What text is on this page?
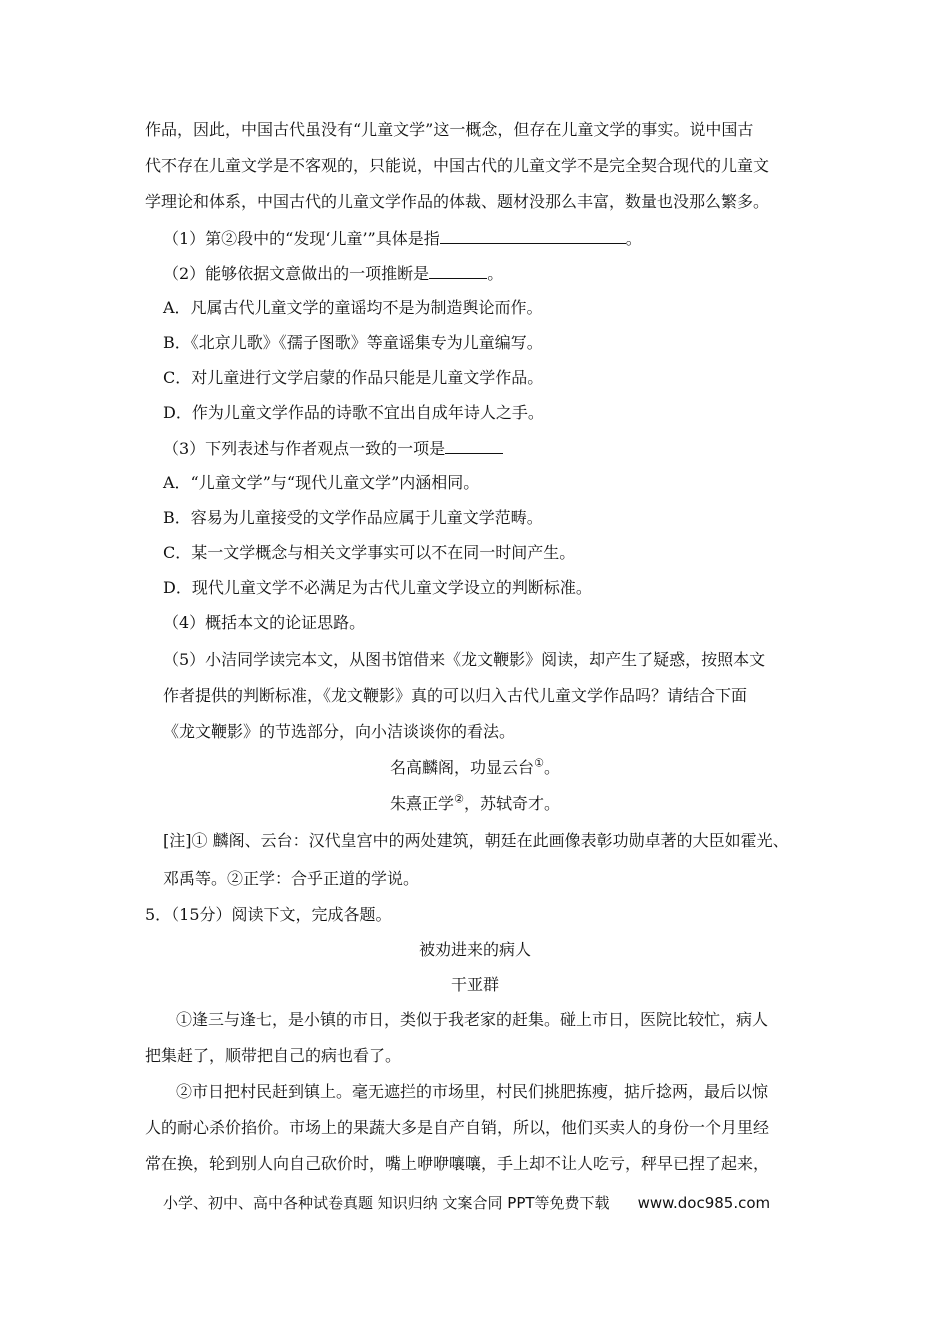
作品，因此，中国古代虽没有“儿童文学”这一概念，但存在儿童文学的事实。说中国古
代不存在儿童文学是不客观的，只能说，中国古代的儿童文学不是完全契合现代的儿童文
学理论和体系，中国古代的儿童文学作品的体裁、题材没那么丰富，数量也没那么繁多。
（1）第②段中的“发现‘儿童’”具体是指	。
（2）能够依据文意做出的一项推断是	。
A．凡属古代儿童文学的童谣均不是为制造舆论而作。
B．《北京儿歌》《孺子图歌》等童谣集专为儿童编写。
C．对儿童进行文学启蒙的作品只能是儿童文学作品。
D．作为儿童文学作品的诗歌不宜出自成年诗人之手。
（3）下列表述与作者观点一致的一项是
A．“儿童文学”与“现代儿童文学”内涵相同。
B．容易为儿童接受的文学作品应属于儿童文学范畴。
C．某一文学概念与相关文学事实可以不在同一时间产生。
D．现代儿童文学不必满足为古代儿童文学设立的判断标准。
（4）概括本文的论证思路。
（5）小洁同学读完本文，从图书馆借来《龙文鞭影》阅读，却产生了疑惑，按照本文
作者提供的判断标准，《龙文鞭影》真的可以归入古代儿童文学作品吗？请结合下面
《龙文鞭影》的节选部分，向小洁谈谈你的看法。
名高麟阁，功显云台①。
朱熹正学②，苏轼奇才。
[注]① 麟阁、云台：汉代皇宫中的两处建筑，朝廷在此画像表彰功勋卓著的大臣如霍光、
邓禹等。②正学：合乎正道的学说。
5．（15分）阅读下文，完成各题。
被劝进来的病人
干亚群
①逢三与逢七，是小镇的市日，类似于我老家的赶集。碰上市日，医院比较忙，病人
把集赶了，顺带把自己的病也看了。
②市日把村民赶到镇上。毫无遮拦的市场里，村民们挑肥拣瘦，掂斤捻两，最后以惊
人的耐心杀价掐价。市场上的果蔬大多是自产自销，所以，他们买卖人的身份一个月里经
常在换，轮到别人向自己砍价时，嘴上咿咿嚷嚷，手上却不让人吃亏，秤早已捏了起来，
小学、初中、高中各种试卷真题 知识归纳 文案合同 PPT等免费下载 www.doc985.com
